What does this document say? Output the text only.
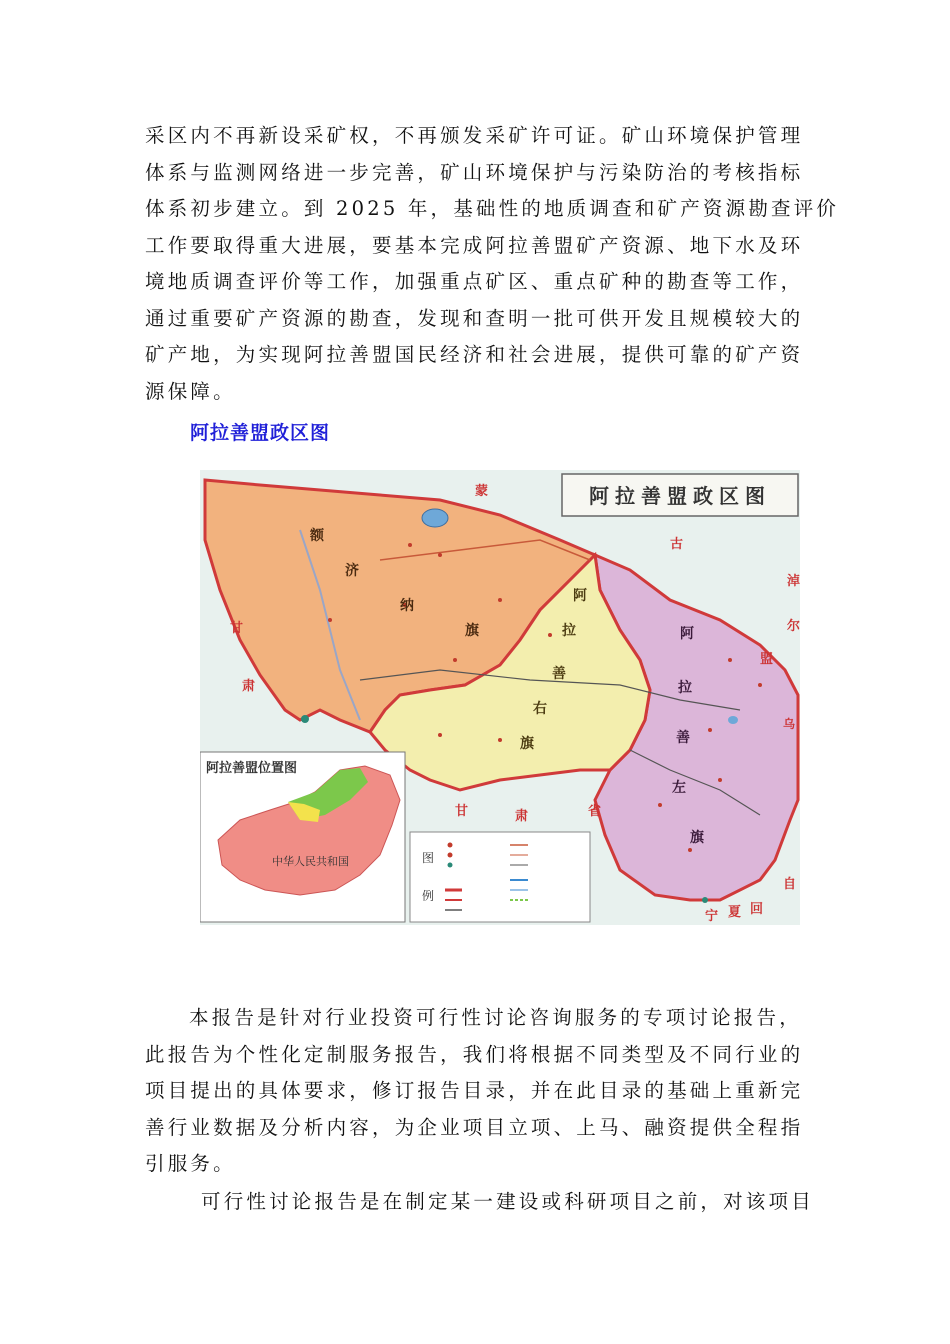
采区内不再新设采矿权，不再颁发采矿许可证。矿山环境保护管理
体系与监测网络进一步完善，矿山环境保护与污染防治的考核指标
体系初步建立。到 2025 年，基础性的地质调查和矿产资源勘查评价
工作要取得重大进展，要基本完成阿拉善盟矿产资源、地下水及环
境地质调查评价等工作，加强重点矿区、重点矿种的勘查等工作，
通过重要矿产资源的勘查，发现和查明一批可供开发且规模较大的
矿产地，为实现阿拉善盟国民经济和社会进展，提供可靠的矿产资
源保障。

阿拉善盟政区图

阿拉善盟政区图
额
济
纳
旗
阿
拉
善
右
旗
阿
拉
善
左
旗
蒙
古
甘
肃
甘	肃	省
淖
尔
盟
乌
自
回
夏
宁
阿拉善盟位置图
中华人民共和国	图
例
本报告是针对行业投资可行性讨论咨询服务的专项讨论报告，
此报告为个性化定制服务报告，我们将根据不同类型及不同行业的
项目提出的具体要求，修订报告目录，并在此目录的基础上重新完
善行业数据及分析内容，为企业项目立项、上马、融资提供全程指
引服务。
可行性讨论报告是在制定某一建设或科研项目之前，对该项目
